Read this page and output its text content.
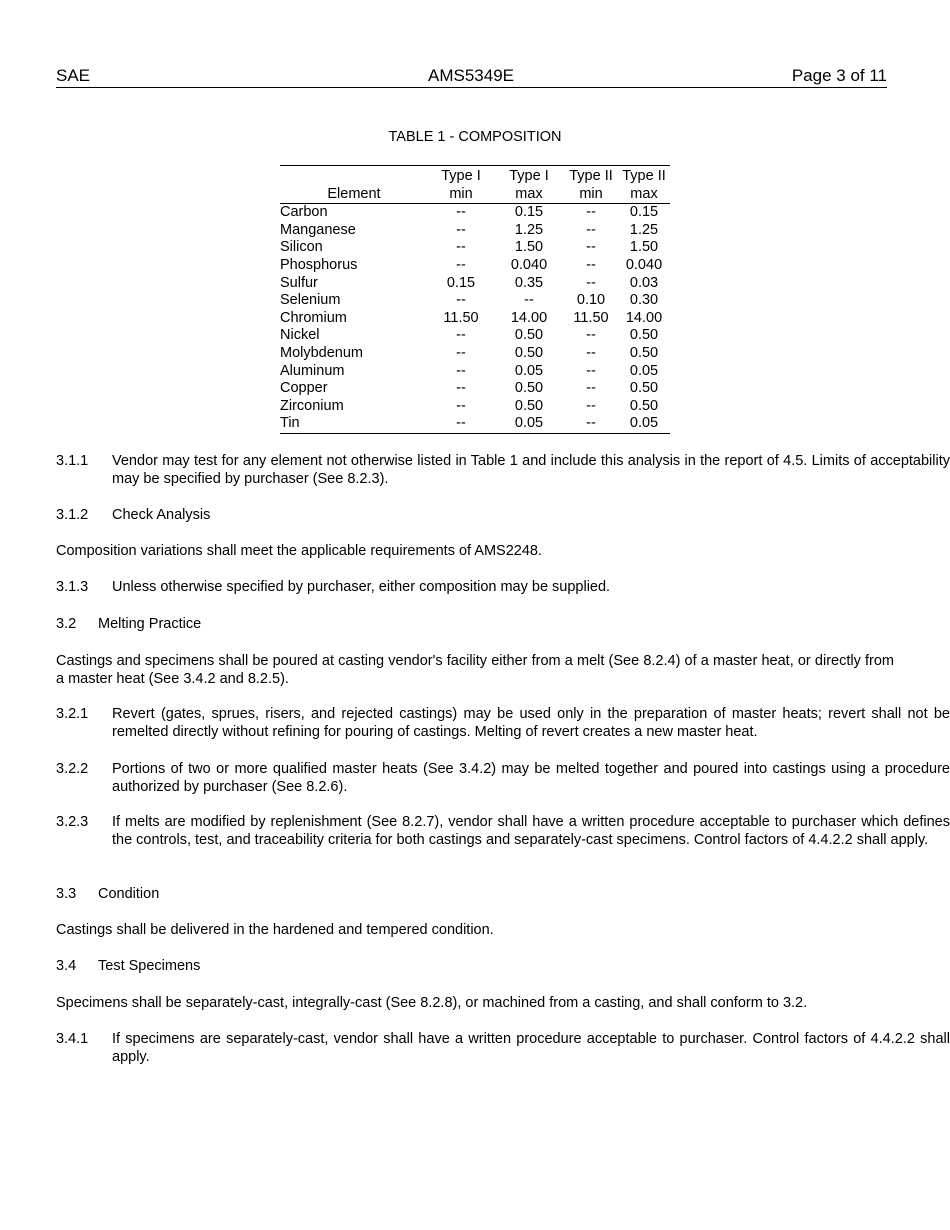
SAE	AMS5349E	Page 3 of 11
TABLE 1 - COMPOSITION
	Type I	Type I	Type II	Type II
Element	min	max	min	max
Carbon	--	0.15	--	0.15
Manganese	--	1.25	--	1.25
Silicon	--	1.50	--	1.50
Phosphorus	--	0.040	--	0.040
Sulfur	0.15	0.35	--	0.03
Selenium	--	--	0.10	0.30
Chromium	11.50	14.00	11.50	14.00
Nickel	--	0.50	--	0.50
Molybdenum	--	0.50	--	0.50
Aluminum	--	0.05	--	0.05
Copper	--	0.50	--	0.50
Zirconium	--	0.50	--	0.50
Tin	--	0.05	--	0.05
3.1.1 Vendor may test for any element not otherwise listed in Table 1 and include this analysis in the report of 4.5. Limits of acceptability may be specified by purchaser (See 8.2.3).
3.1.2 Check Analysis
Composition variations shall meet the applicable requirements of AMS2248.
3.1.3 Unless otherwise specified by purchaser, either composition may be supplied.
3.2 Melting Practice
Castings and specimens shall be poured at casting vendor's facility either from a melt (See 8.2.4) of a master heat, or directly from a master heat (See 3.4.2 and 8.2.5).
3.2.1 Revert (gates, sprues, risers, and rejected castings) may be used only in the preparation of master heats; revert shall not be remelted directly without refining for pouring of castings. Melting of revert creates a new master heat.
3.2.2 Portions of two or more qualified master heats (See 3.4.2) may be melted together and poured into castings using a procedure authorized by purchaser (See 8.2.6).
3.2.3 If melts are modified by replenishment (See 8.2.7), vendor shall have a written procedure acceptable to purchaser which defines the controls, test, and traceability criteria for both castings and separately-cast specimens. Control factors of 4.4.2.2 shall apply.
3.3 Condition
Castings shall be delivered in the hardened and tempered condition.
3.4 Test Specimens
Specimens shall be separately-cast, integrally-cast (See 8.2.8), or machined from a casting, and shall conform to 3.2.
3.4.1 If specimens are separately-cast, vendor shall have a written procedure acceptable to purchaser. Control factors of 4.4.2.2 shall apply.
